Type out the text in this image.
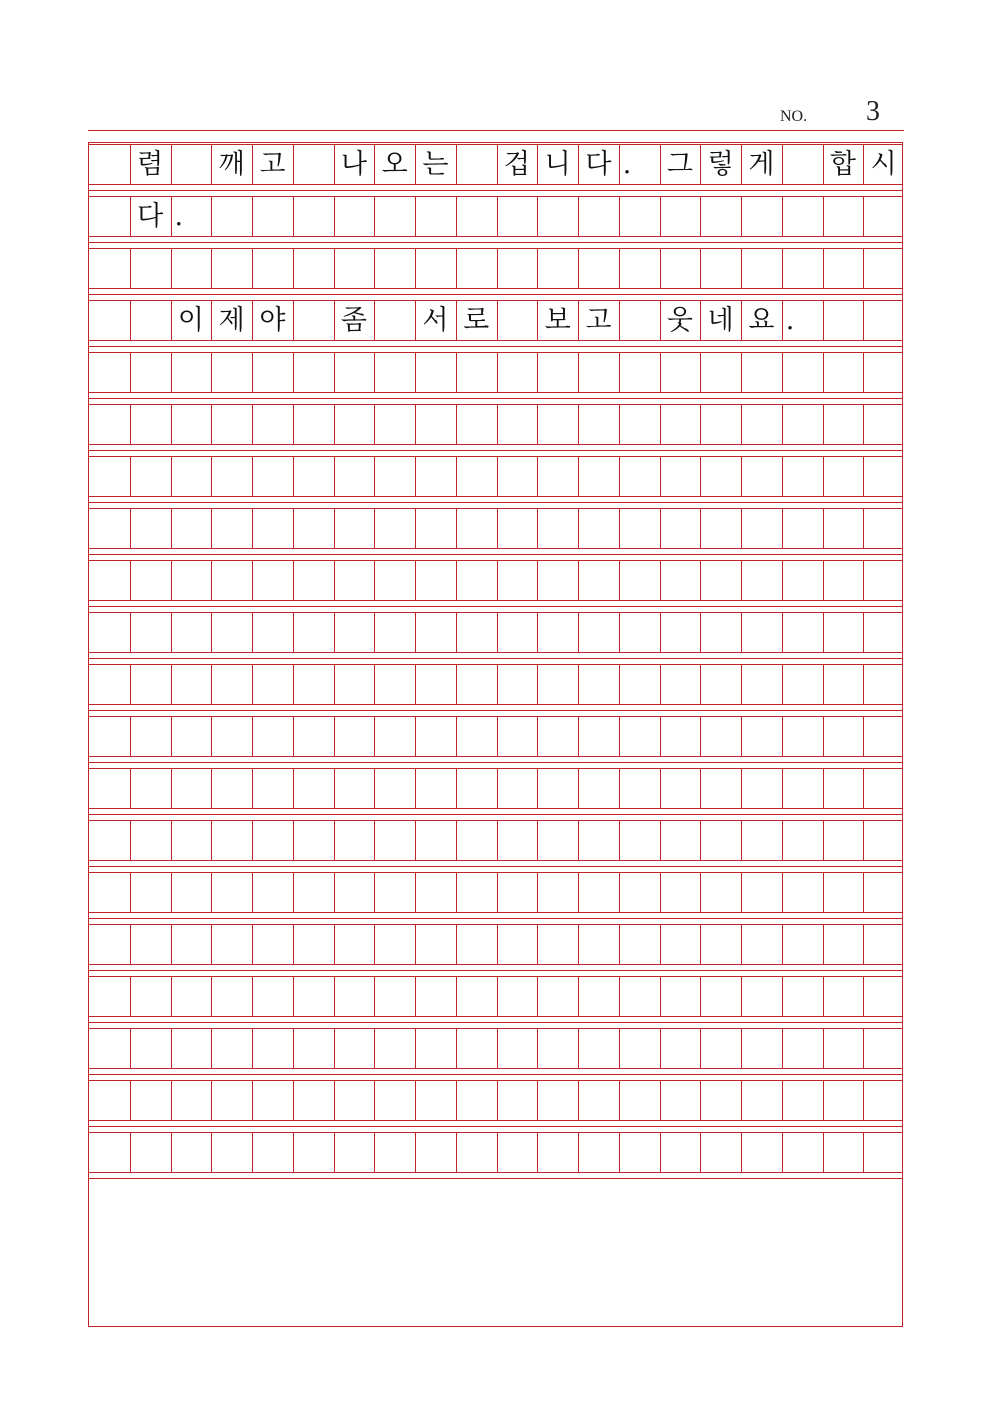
NO. 3
렴 깨 고 나 오 는 겁 니 다 .	그 렇 게 합 시
다 .
이 제 야 좀 서 로 보 고 웃 네 요 .
